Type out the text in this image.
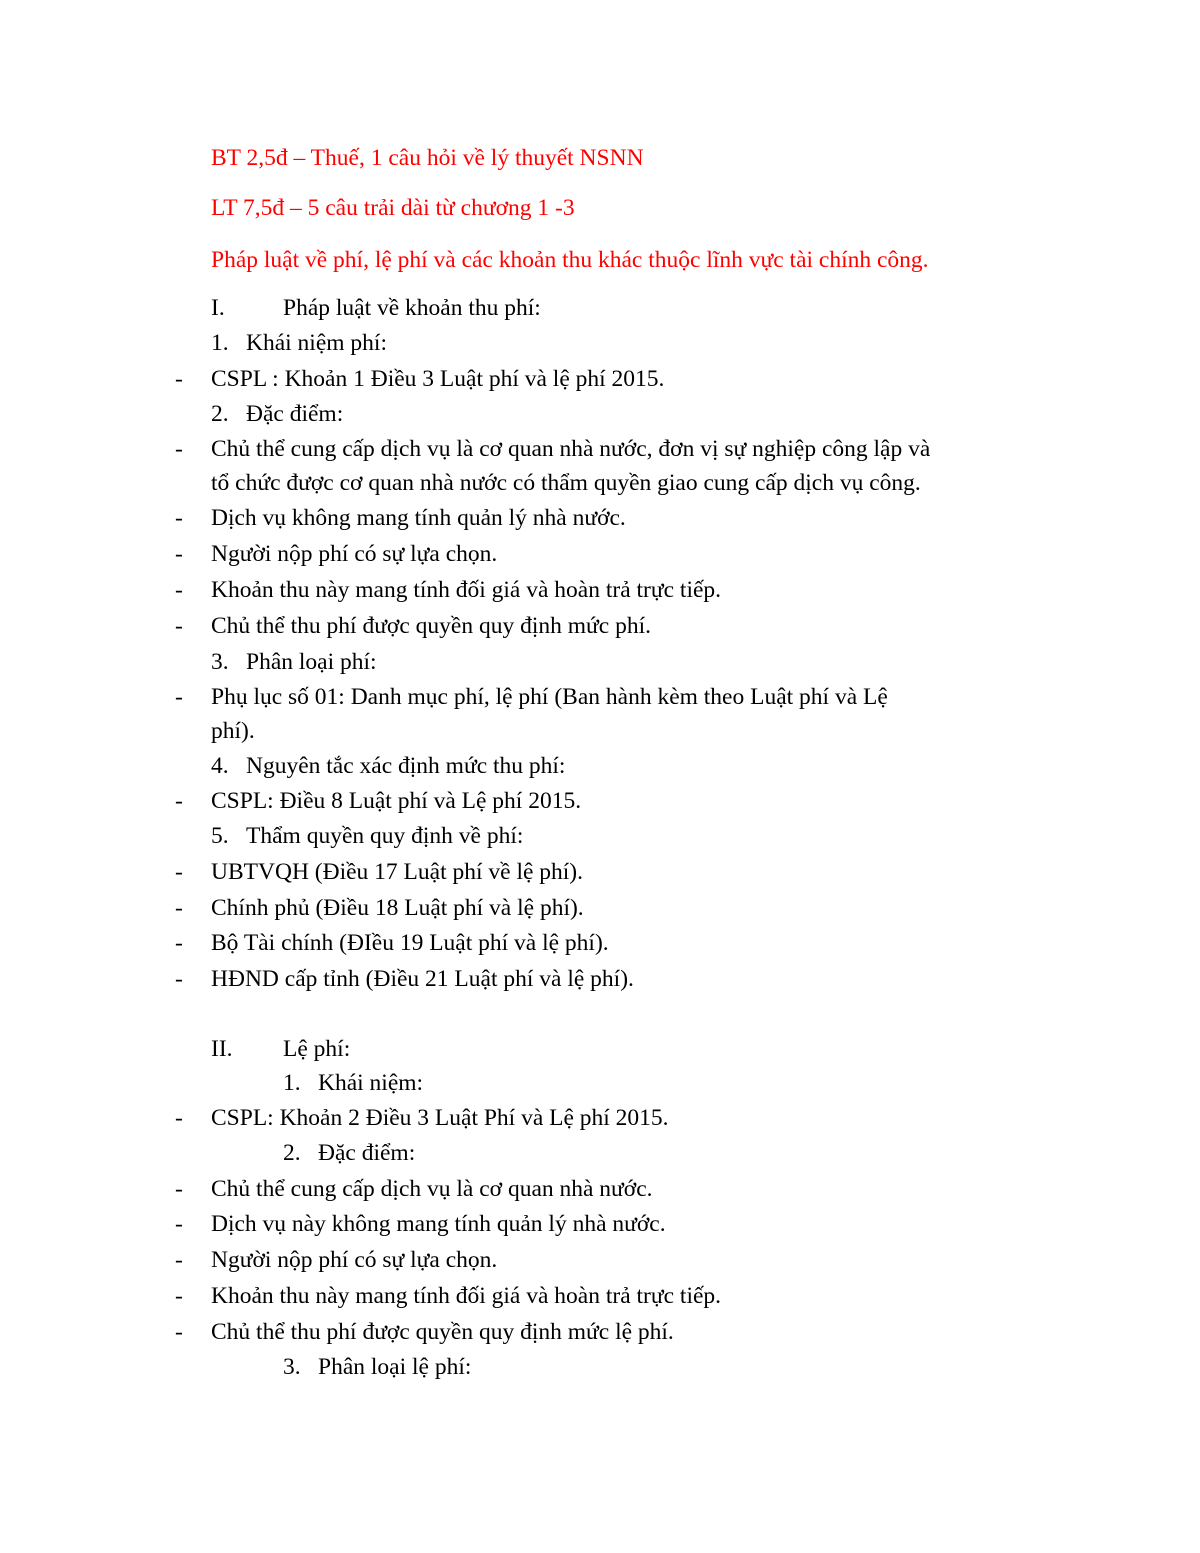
BT 2,5đ – Thuế, 1 câu hỏi về lý thuyết NSNN
LT 7,5đ – 5 câu trải dài từ chương 1 -3
Pháp luật về phí, lệ phí và các khoản thu khác thuộc lĩnh vực tài chính công.
I. Pháp luật về khoản thu phí:
1. Khái niệm phí:
- CSPL : Khoản 1 Điều 3 Luật phí và lệ phí 2015.
2. Đặc điểm:
- Chủ thể cung cấp dịch vụ là cơ quan nhà nước, đơn vị sự nghiệp công lập và
tổ chức được cơ quan nhà nước có thẩm quyền giao cung cấp dịch vụ công.
- Dịch vụ không mang tính quản lý nhà nước.
- Người nộp phí có sự lựa chọn.
- Khoản thu này mang tính đối giá và hoàn trả trực tiếp.
- Chủ thể thu phí được quyền quy định mức phí.
3. Phân loại phí:
- Phụ lục số 01: Danh mục phí, lệ phí (Ban hành kèm theo Luật phí và Lệ
phí).
4. Nguyên tắc xác định mức thu phí:
- CSPL: Điều 8 Luật phí và Lệ phí 2015.
5. Thẩm quyền quy định về phí:
- UBTVQH (Điều 17 Luật phí về lệ phí).
- Chính phủ (Điều 18 Luật phí và lệ phí).
- Bộ Tài chính (ĐIều 19 Luật phí và lệ phí).
- HĐND cấp tỉnh (Điều 21 Luật phí và lệ phí).
II. Lệ phí:
1. Khái niệm:
- CSPL: Khoản 2 Điều 3 Luật Phí và Lệ phí 2015.
2. Đặc điểm:
- Chủ thể cung cấp dịch vụ là cơ quan nhà nước.
- Dịch vụ này không mang tính quản lý nhà nước.
- Người nộp phí có sự lựa chọn.
- Khoản thu này mang tính đối giá và hoàn trả trực tiếp.
- Chủ thể thu phí được quyền quy định mức lệ phí.
3. Phân loại lệ phí:
